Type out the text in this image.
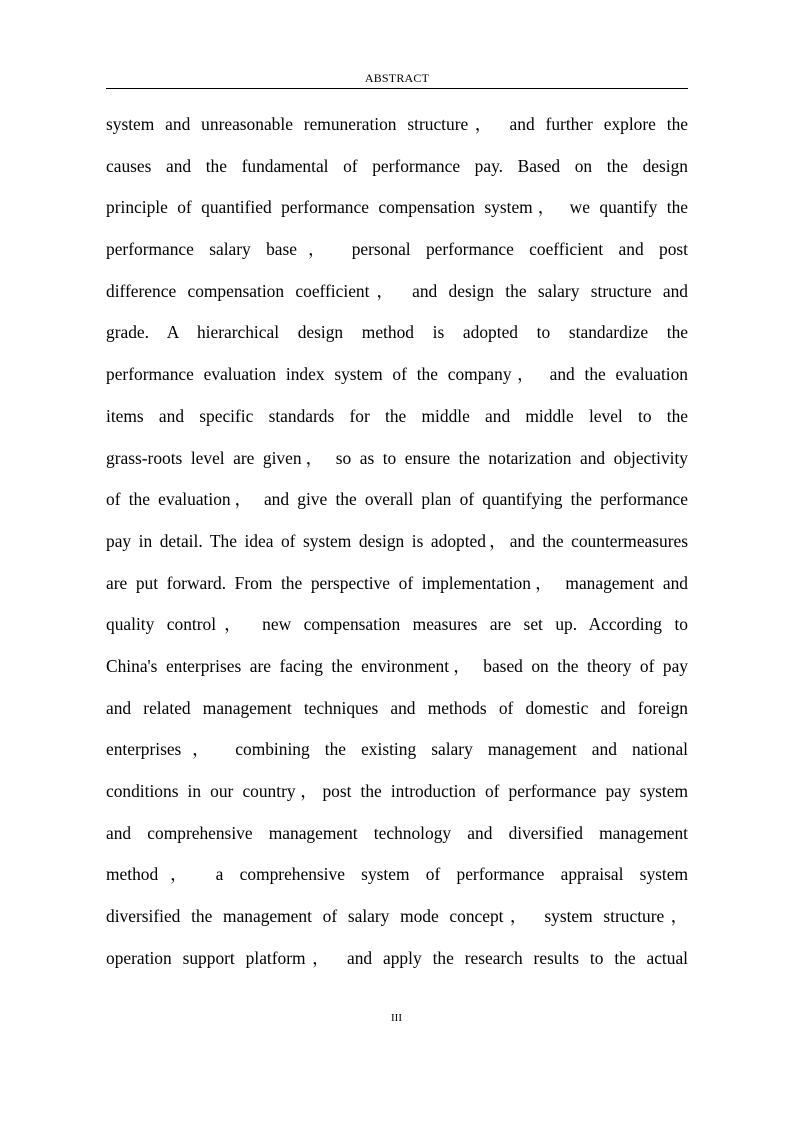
ABSTRACT
system and unreasonable remuneration structure， and further explore the
causes and the fundamental of performance pay. Based on the design
principle of quantified performance compensation system， we quantify the
performance salary base， personal performance coefficient and post
difference compensation coefficient， and design the salary structure and
grade. A hierarchical design method is adopted to standardize the
performance evaluation index system of the company， and the evaluation
items and specific standards for the middle and middle level to the
grass-roots level are given， so as to ensure the notarization and objectivity
of the evaluation， and give the overall plan of quantifying the performance
pay in detail. The idea of system design is adopted，and the countermeasures
are put forward. From the perspective of implementation， management and
quality control， new compensation measures are set up. According to
China's enterprises are facing the environment， based on the theory of pay
and related management techniques and methods of domestic and foreign
enterprises， combining the existing salary management and national
conditions in our country，post the introduction of performance pay system
and comprehensive management technology and diversified management
method， a comprehensive system of performance appraisal system
diversified the management of salary mode concept， system structure，
operation support platform， and apply the research results to the actual
III
